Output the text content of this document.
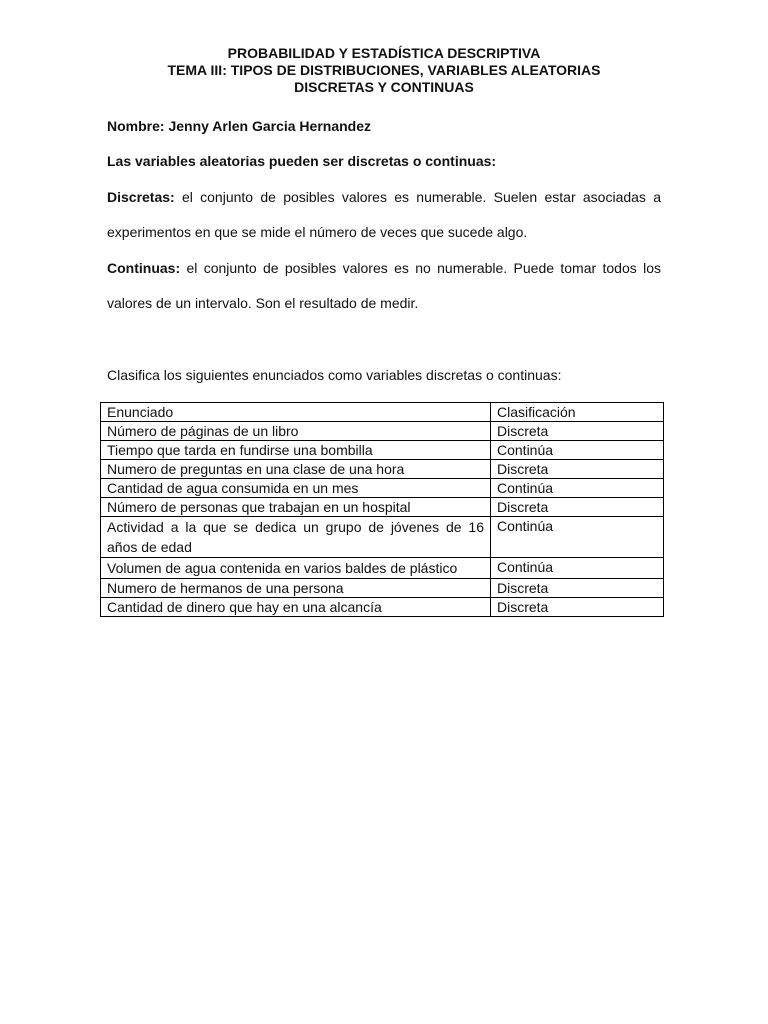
PROBABILIDAD Y ESTADÍSTICA DESCRIPTIVA
TEMA III: TIPOS DE DISTRIBUCIONES, VARIABLES ALEATORIAS
DISCRETAS Y CONTINUAS
Nombre: Jenny Arlen Garcia Hernandez
Las variables aleatorias pueden ser discretas o continuas:
Discretas: el conjunto de posibles valores es numerable. Suelen estar asociadas a experimentos en que se mide el número de veces que sucede algo.
Continuas: el conjunto de posibles valores es no numerable. Puede tomar todos los valores de un intervalo. Son el resultado de medir.
Clasifica los siguientes enunciados como variables discretas o continuas:
Enunciado	Clasificación
Número de páginas de un libro	Discreta
Tiempo que tarda en fundirse una bombilla	Continúa
Numero de preguntas en una clase de una hora	Discreta
Cantidad de agua consumida en un mes	Continúa
Número de personas que trabajan en un hospital	Discreta
Actividad a la que se dedica un grupo de jóvenes de 16 años de edad	Continúa
Volumen de agua contenida en varios baldes de plástico	Continúa
Numero de hermanos de una persona	Discreta
Cantidad de dinero que hay en una alcancía	Discreta
